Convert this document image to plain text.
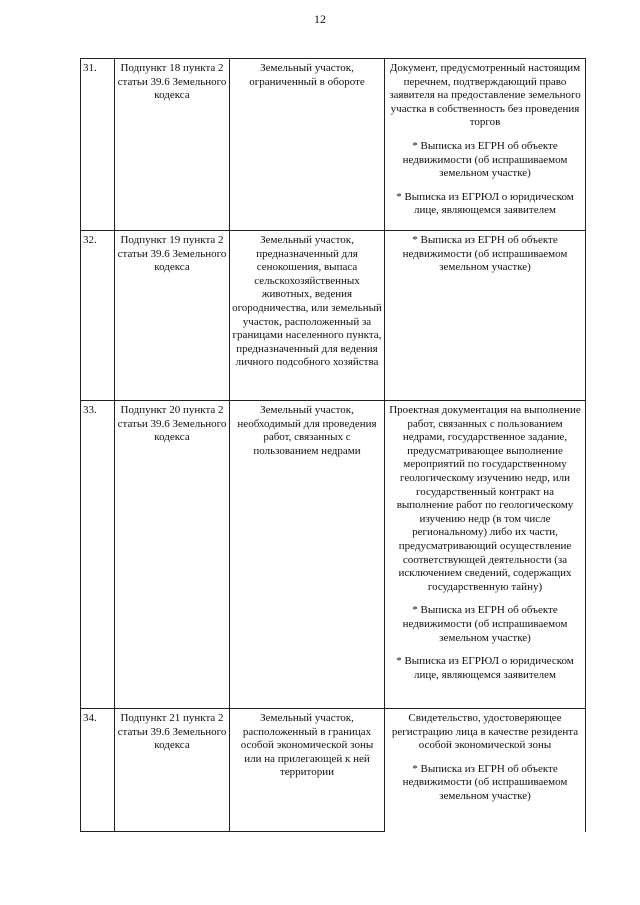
12
31.	Подпункт 18 пункта 2 статьи 39.6 Земельного кодекса	Земельный участок, ограниченный в обороте	Документ, предусмотренный настоящим перечнем, подтверждающий право заявителя на предоставление земельного участка в собственность без проведения торгов

* Выписка из ЕГРН об объекте недвижимости (об испрашиваемом земельном участке)

* Выписка из ЕГРЮЛ о юридическом лице, являющемся заявителем

32.	Подпункт 19 пункта 2 статьи 39.6 Земельного кодекса	Земельный участок, предназначенный для сенокошения, выпаса сельскохозяйственных животных, ведения огородничества, или земельный участок, расположенный за границами населенного пункта, предназначенный для ведения личного подсобного хозяйства	* Выписка из ЕГРН об объекте недвижимости (об испрашиваемом земельном участке)

33.	Подпункт 20 пункта 2 статьи 39.6 Земельного кодекса	Земельный участок, необходимый для проведения работ, связанных с пользованием недрами	Проектная документация на выполнение работ, связанных с пользованием недрами, государственное задание, предусматривающее выполнение мероприятий по государственному геологическому изучению недр, или государственный контракт на выполнение работ по геологическому изучению недр (в том числе региональному) либо их части, предусматривающий осуществление соответствующей деятельности (за исключением сведений, содержащих государственную тайну)

* Выписка из ЕГРН об объекте недвижимости (об испрашиваемом земельном участке)

* Выписка из ЕГРЮЛ о юридическом лице, являющемся заявителем

34.	Подпункт 21 пункта 2 статьи 39.6 Земельного кодекса	Земельный участок, расположенный в границах особой экономической зоны или на прилегающей к ней территории	Свидетельство, удостоверяющее регистрацию лица в качестве резидента особой экономической зоны

* Выписка из ЕГРН об объекте недвижимости (об испрашиваемом земельном участке)
